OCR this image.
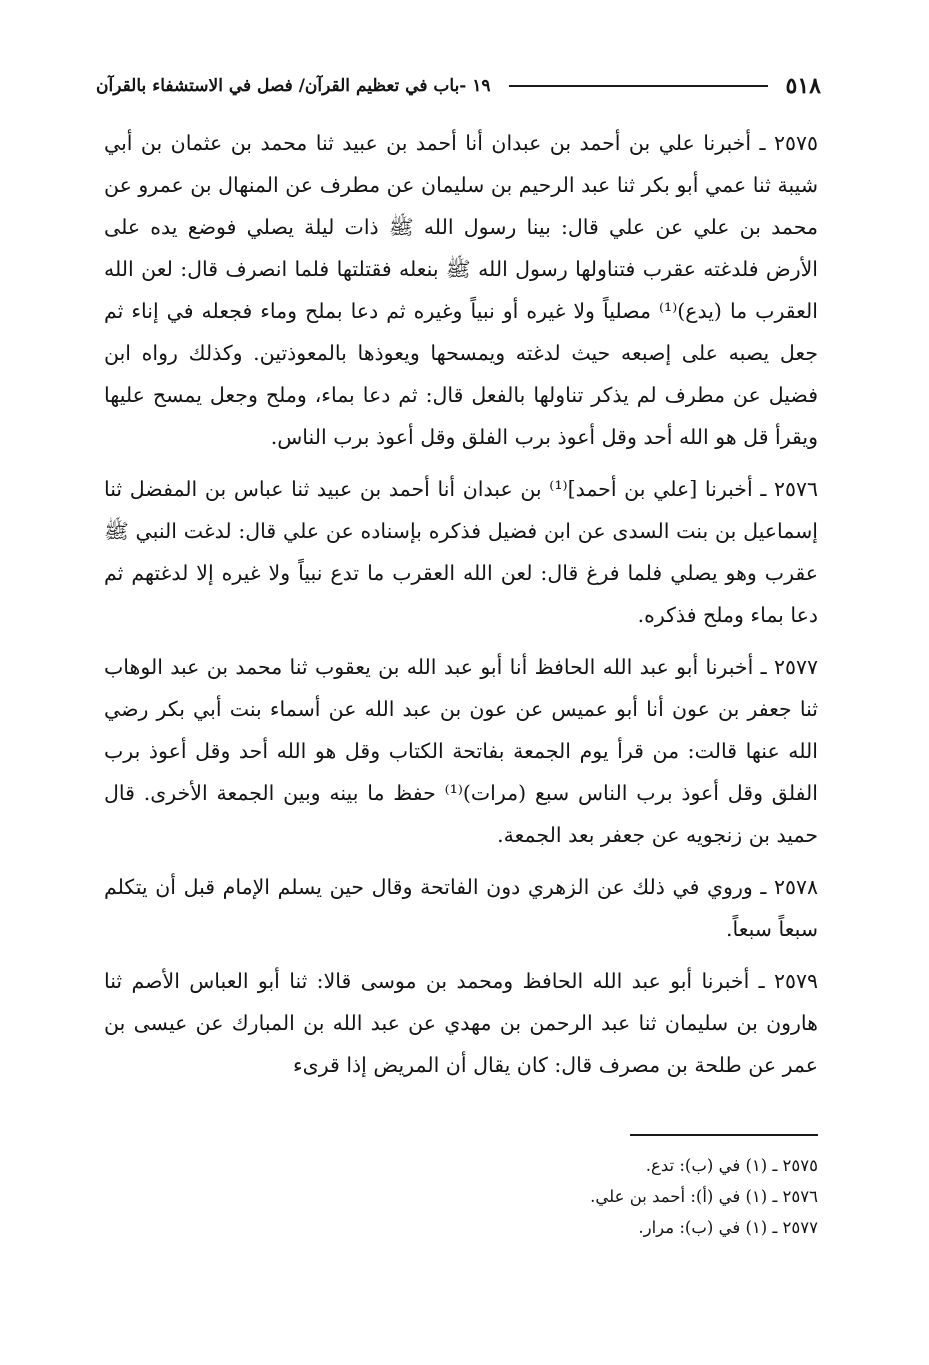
٥١٨
١٩ -باب في تعظيم القرآن/ فصل في الاستشفاء بالقرآن

٢٥٧٥ ـ أخبرنا علي بن أحمد بن عبدان أنا أحمد بن عبيد ثنا محمد بن عثمان بن أبي شيبة ثنا عمي أبو بكر ثنا عبد الرحيم بن سليمان عن مطرف عن المنهال بن عمرو عن محمد بن علي عن علي قال: بينا رسول الله ﷺ ذات ليلة يصلي فوضع يده على الأرض فلدغته عقرب فتناولها رسول الله ﷺ بنعله فقتلتها فلما انصرف قال: لعن الله العقرب ما (يدع)⁽¹⁾ مصلياً ولا غيره أو نبياً وغيره ثم دعا بملح وماء فجعله في إناء ثم جعل يصبه على إصبعه حيث لدغته ويمسحها ويعوذها بالمعوذتين. وكذلك رواه ابن فضيل عن مطرف لم يذكر تناولها بالفعل قال: ثم دعا بماء، وملح وجعل يمسح عليها ويقرأ قل هو الله أحد وقل أعوذ برب الفلق وقل أعوذ برب الناس.

٢٥٧٦ ـ أخبرنا [علي بن أحمد]⁽¹⁾ بن عبدان أنا أحمد بن عبيد ثنا عباس بن المفضل ثنا إسماعيل بن بنت السدى عن ابن فضيل فذكره بإسناده عن علي قال: لدغت النبي ﷺ عقرب وهو يصلي فلما فرغ قال: لعن الله العقرب ما تدع نبياً ولا غيره إلا لدغتهم ثم دعا بماء وملح فذكره.

٢٥٧٧ ـ أخبرنا أبو عبد الله الحافظ أنا أبو عبد الله بن يعقوب ثنا محمد بن عبد الوهاب ثنا جعفر بن عون أنا أبو عميس عن عون بن عبد الله عن أسماء بنت أبي بكر رضي الله عنها قالت: من قرأ يوم الجمعة بفاتحة الكتاب وقل هو الله أحد وقل أعوذ برب الفلق وقل أعوذ برب الناس سبع (مرات)⁽¹⁾ حفظ ما بينه وبين الجمعة الأخرى. قال حميد بن زنجويه عن جعفر بعد الجمعة.

٢٥٧٨ ـ وروي في ذلك عن الزهري دون الفاتحة وقال حين يسلم الإمام قبل أن يتكلم سبعاً سبعاً.

٢٥٧٩ ـ أخبرنا أبو عبد الله الحافظ ومحمد بن موسى قالا: ثنا أبو العباس الأصم ثنا هارون بن سليمان ثنا عبد الرحمن بن مهدي عن عبد الله بن المبارك عن عيسى بن عمر عن طلحة بن مصرف قال: كان يقال أن المريض إذا قرىء

٢٥٧٥ ـ (١) في (ب): تدع.
٢٥٧٦ ـ (١) في (أ): أحمد بن علي.
٢٥٧٧ ـ (١) في (ب): مرار.
